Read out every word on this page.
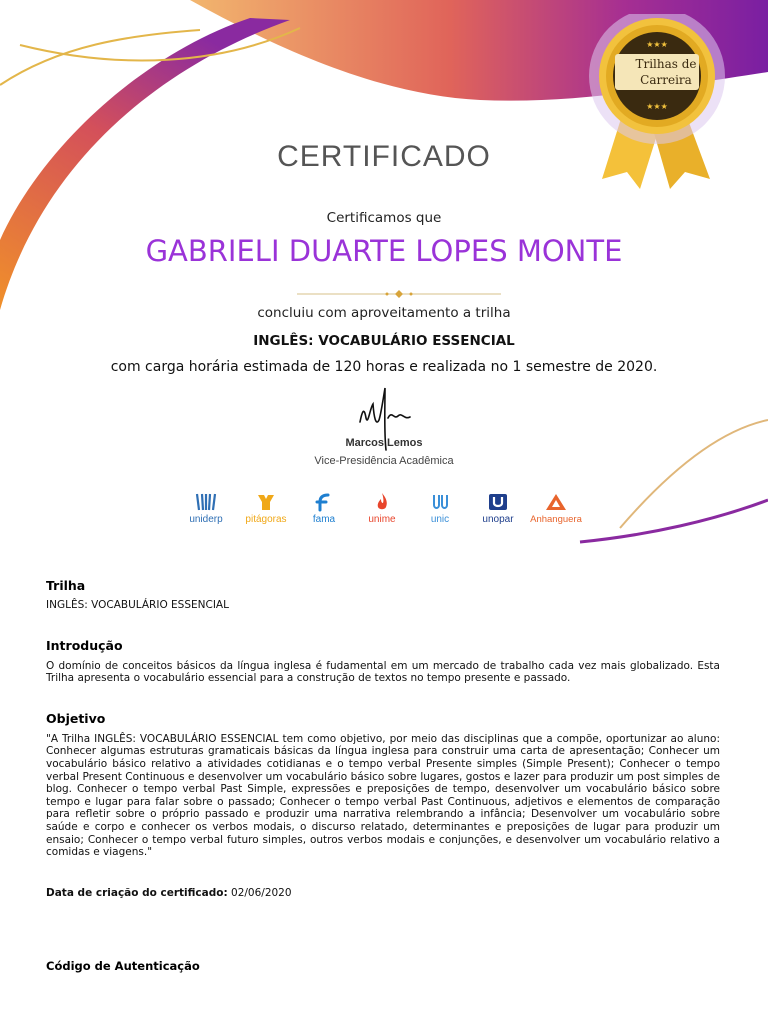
★★★
★★★
Trilhas de
Carreira
CERTIFICADO
Certificamos que
GABRIELI DUARTE LOPES MONTE
concluiu com aproveitamento a trilha
INGLÊS: VOCABULÁRIO ESSENCIAL
com carga horária estimada de 120 horas e realizada no 1 semestre de 2020.
Marcos Lemos
Vice-Presidência Acadêmica
uniderp	pitágoras	fama	unime	unic	unopar	Anhanguera
Trilha

INGLÊS: VOCABULÁRIO ESSENCIAL

Introdução

O domínio de conceitos básicos da língua inglesa é fudamental em um mercado de trabalho cada vez mais globalizado. Esta Trilha apresenta o vocabulário essencial para a construção de textos no tempo presente e passado.

Objetivo

"A Trilha INGLÊS: VOCABULÁRIO ESSENCIAL tem como objetivo, por meio das disciplinas que a compõe, oportunizar ao aluno: Conhecer algumas estruturas gramaticais básicas da língua inglesa para construir uma carta de apresentação; Conhecer um vocabulário básico relativo a atividades cotidianas e o tempo verbal Presente simples (Simple Present); Conhecer o tempo verbal Present Continuous e desenvolver um vocabulário básico sobre lugares, gostos e lazer para produzir um post simples de blog. Conhecer o tempo verbal Past Simple, expressões e preposições de tempo, desenvolver um vocabulário básico sobre tempo e lugar para falar sobre o passado; Conhecer o tempo verbal Past Continuous, adjetivos e elementos de comparação para refletir sobre o próprio passado e produzir uma narrativa relembrando a infância; Desenvolver um vocabulário sobre saúde e corpo e conhecer os verbos modais, o discurso relatado, determinantes e preposições de lugar para produzir um ensaio; Conhecer o tempo verbal futuro simples, outros verbos modais e conjunções, e desenvolver um vocabulário relativo a comidas e viagens."

Data de criação do certificado: 02/06/2020
Código de Autenticação
